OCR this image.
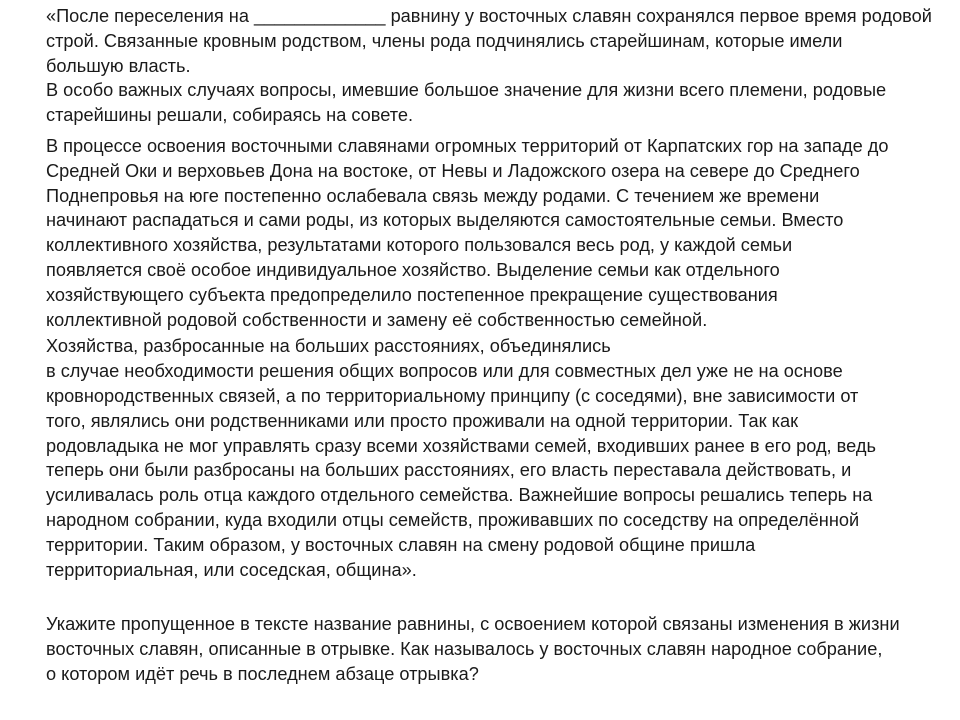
«После переселения на _____________ равнину у восточных славян сохранялся первое время родовой
строй. Связанные кровным родством, члены рода подчинялись старейшинам, которые имели
большую власть.
В особо важных случаях вопросы, имевшие большое значение для жизни всего племени, родовые
старейшины решали, собираясь на совете.
В процессе освоения восточными славянами огромных территорий от Карпатских гор на западе до
Средней Оки и верховьев Дона на востоке, от Невы и Ладожского озера на севере до Среднего
Поднепровья на юге постепенно ослабевала связь между родами. С течением же времени
начинают распадаться и сами роды, из которых выделяются самостоятельные семьи. Вместо
коллективного хозяйства, результатами которого пользовался весь род, у каждой семьи
появляется своё особое индивидуальное хозяйство. Выделение семьи как отдельного
хозяйствующего субъекта предопределило постепенное прекращение существования
коллективной родовой собственности и замену её собственностью семейной.
Хозяйства, разбросанные на больших расстояниях, объединялись
в случае необходимости решения общих вопросов или для совместных дел уже не на основе
кровнородственных связей, а по территориальному принципу (с соседями), вне зависимости от
того, являлись они родственниками или просто проживали на одной территории. Так как
родовладыка не мог управлять сразу всеми хозяйствами семей, входивших ранее в его род, ведь
теперь они были разбросаны на больших расстояниях, его власть переставала действовать, и
усиливалась роль отца каждого отдельного семейства. Важнейшие вопросы решались теперь на
народном собрании, куда входили отцы семейств, проживавших по соседству на определённой
территории. Таким образом, у восточных славян на смену родовой общине пришла
территориальная, или соседская, община».
Укажите пропущенное в тексте название равнины, с освоением которой связаны изменения в жизни
восточных славян, описанные в отрывке. Как называлось у восточных славян народное собрание,
о котором идёт речь в последнем абзаце отрывка?
